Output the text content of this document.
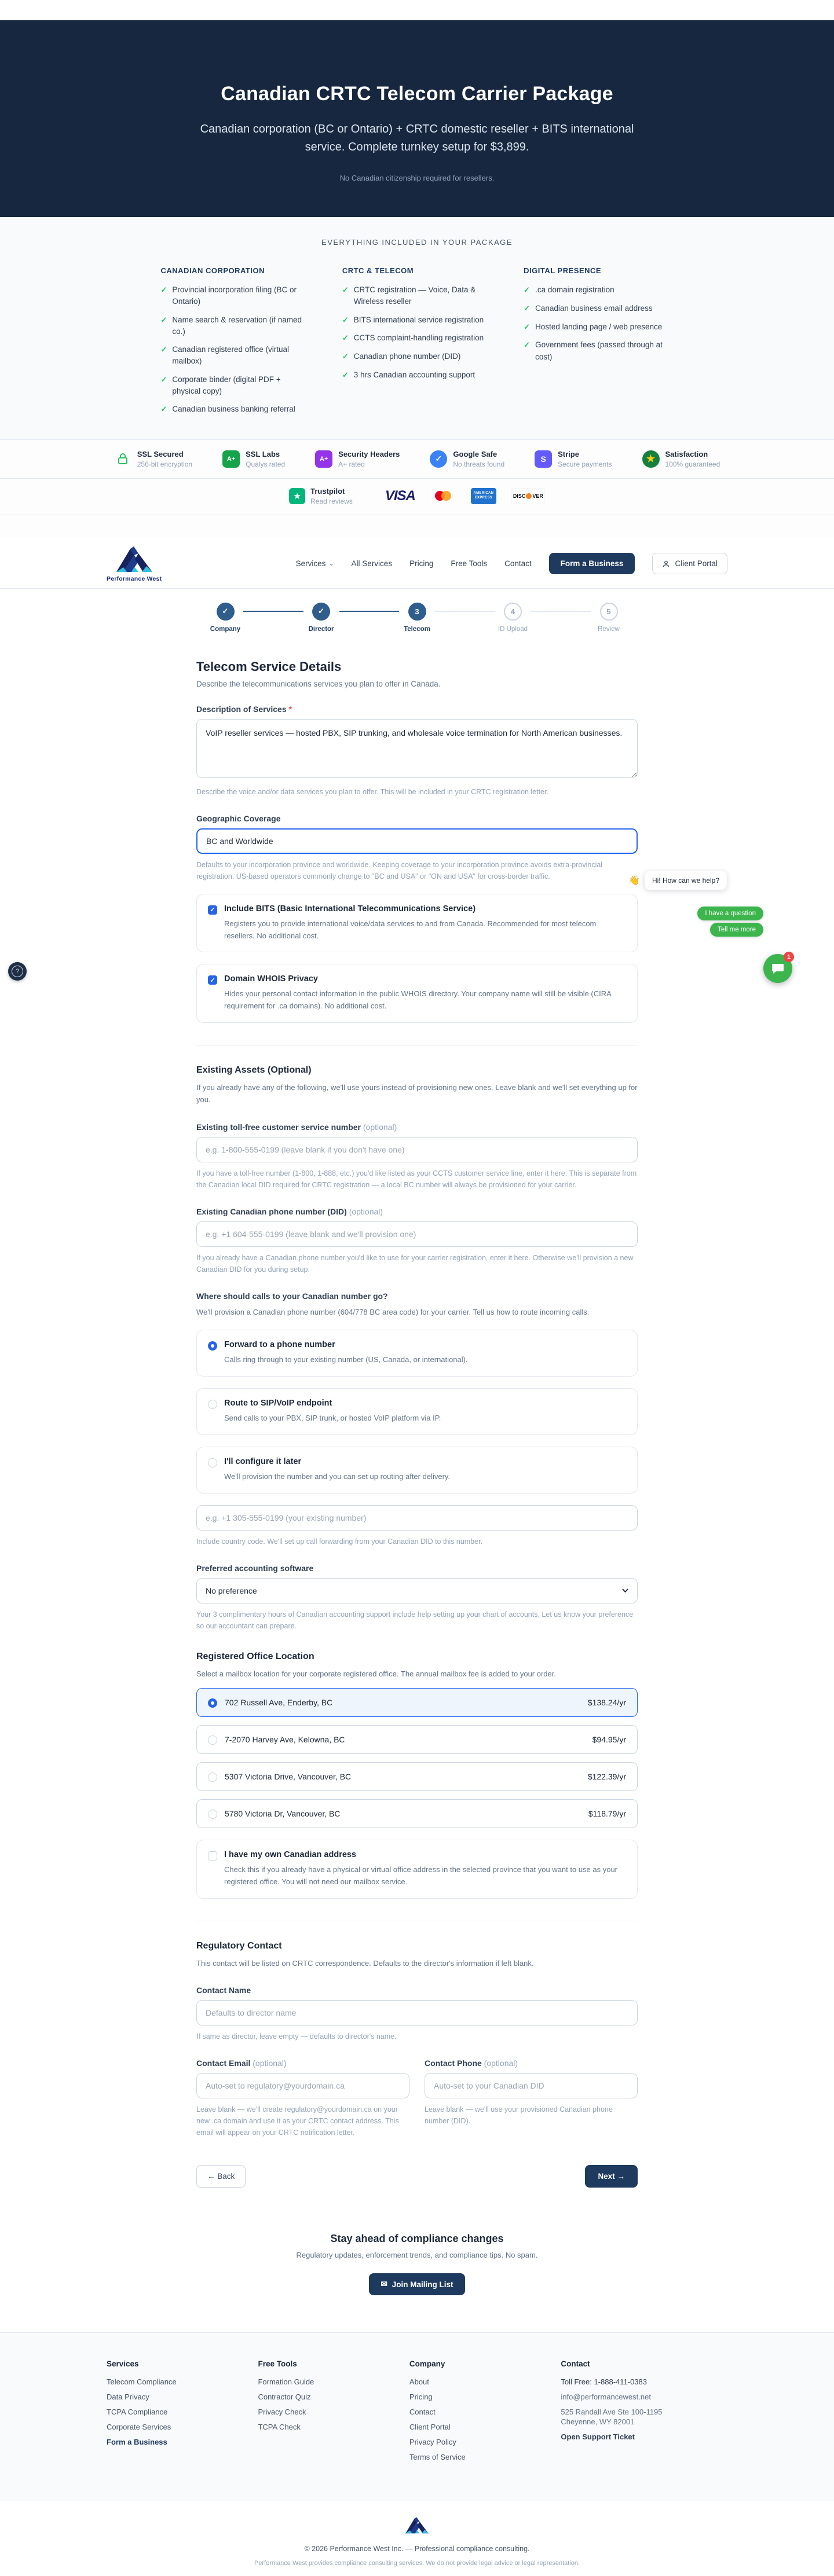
Canadian CRTC Telecom Carrier Package
Canadian corporation (BC or Ontario) + CRTC domestic reseller + BITS international service. Complete turnkey setup for $3,899.
No Canadian citizenship required for resellers.
EVERYTHING INCLUDED IN YOUR PACKAGE
CANADIAN CORPORATION
✓ Provincial incorporation filing (BC or Ontario)
✓ Name search & reservation (if named co.)
✓ Canadian registered office (virtual mailbox)
✓ Corporate binder (digital PDF + physical copy)
✓ Canadian business banking referral
CRTC & TELECOM
✓ CRTC registration — Voice, Data & Wireless reseller
✓ BITS international service registration
✓ CCTS complaint-handling registration
✓ Canadian phone number (DID)
✓ 3 hrs Canadian accounting support
DIGITAL PRESENCE
✓ .ca domain registration
✓ Canadian business email address
✓ Hosted landing page / web presence
✓ Government fees (passed through at cost)
SSL Secured
256-bit encryption
A+
SSL Labs
Qualys rated
A+
Security Headers
A+ rated
✓	Google Safe
No threats found
S
Stripe
Secure payments	★	Satisfaction
100% guaranteed
★
Trustpilot
Read reviews VISA	AMERICAN
EXPRESS	DISC VER
Performance West
Services ⌄ All Services Pricing Free Tools Contact	Form a Business	Client Portal
✓
Company
✓
Director
3
Telecom
4
ID Upload
5
Review
Telecom Service Details
Describe the telecommunications services you plan to offer in Canada.
Description of Services *
VoIP reseller services — hosted PBX, SIP trunking, and wholesale voice termination for North American businesses.
Describe the voice and/or data services you plan to offer. This will be included in your CRTC registration letter.
Geographic Coverage
BC and Worldwide
Defaults to your incorporation province and worldwide. Keeping coverage to your incorporation province avoids extra-provincial registration. US-based operators commonly change to "BC and USA" or "ON and USA" for cross-border traffic.
✓ Include BITS (Basic International Telecommunications Service)
Registers you to provide international voice/data services to and from Canada. Recommended for most telecom resellers. No additional cost.
✓ Domain WHOIS Privacy
Hides your personal contact information in the public WHOIS directory. Your company name will still be visible (CIRA requirement for .ca domains). No additional cost.
Existing Assets (Optional)
If you already have any of the following, we'll use yours instead of provisioning new ones. Leave blank and we'll set everything up for you.
Existing toll-free customer service number (optional)
e.g. 1-800-555-0199 (leave blank if you don't have one)
If you have a toll-free number (1-800, 1-888, etc.) you'd like listed as your CCTS customer service line, enter it here. This is separate from the Canadian local DID required for CRTC registration — a local BC number will always be provisioned for your carrier.
Existing Canadian phone number (DID) (optional)
e.g. +1 604-555-0199 (leave blank and we'll provision one)
If you already have a Canadian phone number you'd like to use for your carrier registration, enter it here. Otherwise we'll provision a new Canadian DID for you during setup.
Where should calls to your Canadian number go?
We'll provision a Canadian phone number (604/778 BC area code) for your carrier. Tell us how to route incoming calls.
Forward to a phone number
Calls ring through to your existing number (US, Canada, or international).
Route to SIP/VoIP endpoint
Send calls to your PBX, SIP trunk, or hosted VoIP platform via IP.
I'll configure it later
We'll provision the number and you can set up routing after delivery.
e.g. +1 305-555-0199 (your existing number)
Include country code. We'll set up call forwarding from your Canadian DID to this number.
Preferred accounting software
No preference
Your 3 complimentary hours of Canadian accounting support include help setting up your chart of accounts. Let us know your preference so our accountant can prepare.
Registered Office Location
Select a mailbox location for your corporate registered office. The annual mailbox fee is added to your order.
702 Russell Ave, Enderby, BC	$138.24/yr
7-2070 Harvey Ave, Kelowna, BC	$94.95/yr
5307 Victoria Drive, Vancouver, BC	$122.39/yr
5780 Victoria Dr, Vancouver, BC	$118.79/yr
I have my own Canadian address
Check this if you already have a physical or virtual office address in the selected province that you want to use as your registered office. You will not need our mailbox service.
Regulatory Contact
This contact will be listed on CRTC correspondence. Defaults to the director's information if left blank.
Contact Name
Defaults to director name
If same as director, leave empty — defaults to director's name.
Contact Email (optional)
Auto-set to regulatory@yourdomain.ca
Leave blank — we'll create regulatory@yourdomain.ca on your new .ca domain and use it as your CRTC contact address. This email will appear on your CRTC notification letter.
Contact Phone (optional)
Auto-set to your Canadian DID
Leave blank — we'll use your provisioned Canadian phone number (DID).
← Back	Next →
Stay ahead of compliance changes

Regulatory updates, enforcement trends, and compliance tips. No spam.

✉ Join Mailing List
Services
Telecom Compliance
Data Privacy
TCPA Compliance
Corporate Services
Form a Business
Free Tools
Formation Guide
Contractor Quiz
Privacy Check
TCPA Check
Company
About
Pricing
Contact
Client Portal
Privacy Policy
Terms of Service
Contact
Toll Free: 1-888-411-0383
info@performancewest.net
525 Randall Ave Ste 100-1195
Cheyenne, WY 82001
Open Support Ticket
© 2026 Performance West Inc. — Professional compliance consulting.
Performance West provides compliance consulting services. We do not provide legal advice or legal representation.
?
👋	Hi! How can we help?
I have a question
Tell me more
1
